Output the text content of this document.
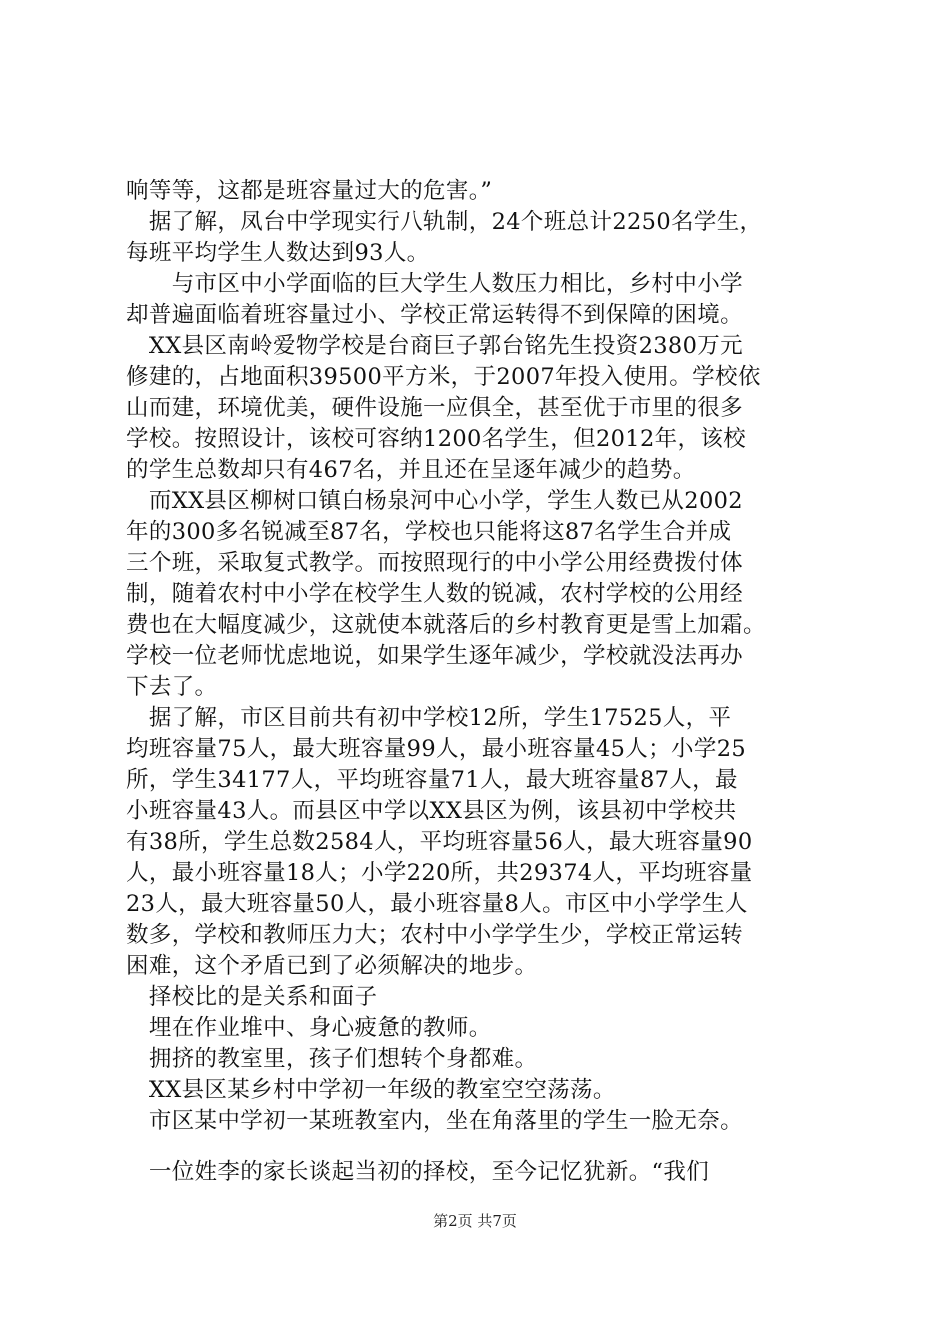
响等等，这都是班容量过大的危害。”
　据了解，凤台中学现实行八轨制，24个班总计2250名学生，
每班平均学生人数达到93人。
　　与市区中小学面临的巨大学生人数压力相比，乡村中小学
却普遍面临着班容量过小、学校正常运转得不到保障的困境。
　XX县区南岭爱物学校是台商巨子郭台铭先生投资2380万元
修建的，占地面积39500平方米，于2007年投入使用。学校依
山而建，环境优美，硬件设施一应俱全，甚至优于市里的很多
学校。按照设计，该校可容纳1200名学生，但2012年，该校
的学生总数却只有467名，并且还在呈逐年减少的趋势。
　而XX县区柳树口镇白杨泉河中心小学，学生人数已从2002
年的300多名锐减至87名，学校也只能将这87名学生合并成
三个班，采取复式教学。而按照现行的中小学公用经费拨付体
制，随着农村中小学在校学生人数的锐减，农村学校的公用经
费也在大幅度减少，这就使本就落后的乡村教育更是雪上加霜。
学校一位老师忧虑地说，如果学生逐年减少，学校就没法再办
下去了。
　据了解，市区目前共有初中学校12所，学生17525人，平
均班容量75人，最大班容量99人，最小班容量45人；小学25
所，学生34177人，平均班容量71人，最大班容量87人，最
小班容量43人。而县区中学以XX县区为例，该县初中学校共
有38所，学生总数2584人，平均班容量56人，最大班容量90
人，最小班容量18人；小学220所，共29374人，平均班容量
23人，最大班容量50人，最小班容量8人。市区中小学学生人
数多，学校和教师压力大；农村中小学学生少，学校正常运转
困难，这个矛盾已到了必须解决的地步。
　择校比的是关系和面子
　埋在作业堆中、身心疲惫的教师。
　拥挤的教室里，孩子们想转个身都难。
　XX县区某乡村中学初一年级的教室空空荡荡。
　市区某中学初一某班教室内，坐在角落里的学生一脸无奈。
　一位姓李的家长谈起当初的择校，至今记忆犹新。“我们
第2页 共7页
